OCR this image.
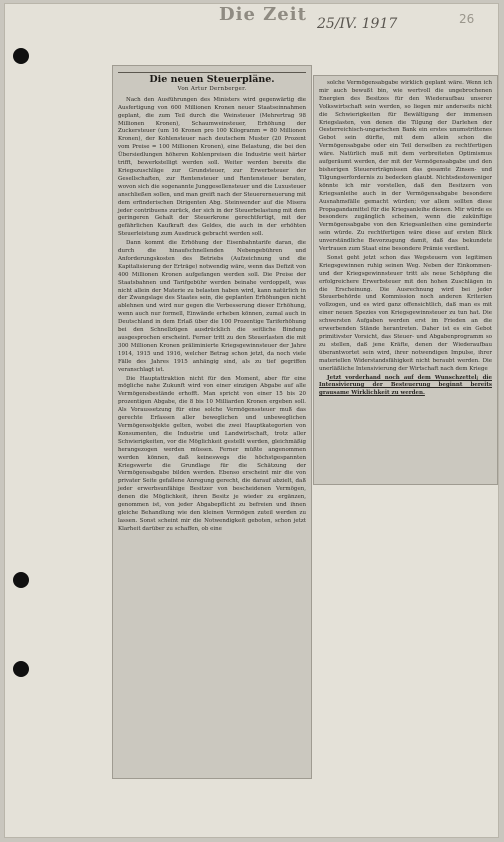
Die Zeit 25/IV. 1917	26
Die neuen Steuerpläne.
Von Artur Dernberger.

Nach den Ausführungen des Ministers wird gegenwärtig die Ausfertigung von 600 Millionen Kronen neuer Staatseinnahmen geplant, die zum Teil durch die Weinsteuer (Mehrertrag 98 Millionen Kronen), Schaumweinsteuer, Erhöhung der Zuckersteuer (um 16 Kronen pro 100 Kilogramm = 80 Millionen Kronen), der Kohlensteuer nach deutschem Muster (20 Prozent vom Preise = 100 Millionen Kronen), eine Belastung, die bei den Übersiedlungen höheren Kohlenpreisen die Industrie weit härter trifft, bewerkstelligt werden soll. Weiter werden bereits die Kriegszuschläge zur Grundsteuer, zur Erwerbsteuer der Gesellschaften, zur Rentensteuer und Rentensteuer beraten, wovon sich die sogenannte Junggesellensteuer und die Luxusteuer anschließen sollen, und man greift nach der Steuererneuerung mit dem erfinderischen Dirigenten Abg. Steinwender auf die Misera jeder contribuens zurück, der sich in der Steuerbelastung mit dem geringeren Gehalt der Steuerkrone gerechtfertigt, mit der gefährlichen Kaufkraft des Geldes, die auch in der erhöhten Steuerleistung zum Ausdruck gebracht werden soll.

Dann kommt die Erhöhung der Eisenbahntarife daran, die durch die hinaufschnellenden Nebengebühren und Anforderungskosten des Betriebs (Aufzeichnung und die Kapitalisierung der Erträge) notwendig wäre, wenn das Defizit von 400 Millionen Kronen aufgefangen werden soll. Die Preise der Staatsbahnen und Tarifgebühr werden beinahe verdoppelt, was nicht allein der Materie zu belasten haben wird, kann natürlich in der Zwangslage des Staates sein, die geplanten Erhöhungen nicht ablehnen und wird nur gegen die Verbesserung dieser Erhöhung, wenn auch nur formell, Einwände erheben können, zumal auch in Deutschland in dem Erlaß über die 100 Prozentige Tariferhöhung bei den Schnellzügen ausdrücklich die seitliche Bindung ausgesprochen erscheint. Ferner tritt zu den Steuerlasten die mit 300 Millionen Kronen präliminierte Kriegsgewinnsteuer der Jahre 1914, 1915 und 1916, welcher Betrag schon jetzt, da noch viele Fälle des Jahres 1915 anhängig sind, als zu tief gegriffen veranschlagt ist.

Die Hauptattraktion nicht für den Moment, aber für eine mögliche nahe Zukunft wird von einer einzigen Abgabe auf alle Vermögensbestände erhofft. Man spricht von einer 15 bis 20 prozentigen Abgabe, die 8 bis 10 Milliarden Kronen ergeben soll. Als Voraussetzung für eine solche Vermögenssteuer muß das gerechte Erfassen aller beweglichen und unbeweglichen Vermögensobjekte gelten, wobei die zwei Hauptkategorien von Konsumenten, die Industrie und Landwirtschaft, trotz aller Schwierigkeiten, vor die Möglichkeit gestellt werden, gleichmäßig herangezogen werden müssen. Ferner müßte angenommen werden können, daß keineswegs die höchstgespannten Kriegswerte die Grundlage für die Schätzung der Vermögensabgabe bilden werden. Ebenso erscheint mir die von privater Seite gefallene Anregung gerecht, die darauf abzielt, daß jeder erwerbsunfähige Besitzer von bescheidenen Vermögen, denen die Möglichkeit, ihren Besitz je wieder zu ergänzen, genommen ist, von jeder Abgabepflicht zu befreien und ihnen gleiche Behandlung wie den kleinen Vermögen zuteil werden zu lassen. Sonst scheint mir die Notwendigkeit geboten, schon jetzt Klarheit darüber zu schaffen, ob eine

solche Vermögensabgabe wirklich geplant wäre. Wenn ich mir auch bewußt bin, wie wertvoll die ungebrochenen Energien des Besitzes für den Wiederaufbau unserer Volkswirtschaft sein werden, so liegen mir anderseits nicht die Schwierigkeiten für Bewältigung der immensen Kriegslasten, von denen die Tilgung der Darlehen der Oesterreichisch-ungarischen Bank ein erstes unumstrittenes Gebot sein dürfte, mit dem allein schon die Vermögensabgabe oder ein Teil derselben zu rechtfertigen wäre. Natürlich muß mit dem verbreiteten Optimismus aufgeräumt werden, der mit der Vermögensabgabe und den bisherigen Steuererträgnissen das gesamte Zinsen- und Tilgungserfordernis zu bedecken glaubt. Nichtsdestoweniger könnte ich mir vorstellen, daß den Besitzern von Kriegsanleihe auch in der Vermögensabgabe besondere Ausnahmsfälle gemacht würden; vor allem sollten diese Propagandamittel für die Kriegsanleihe dienen. Mir würde es besonders zugänglich scheinen, wenn die zukünftige Vermögensabgabe von den Kriegsanleihen eine geminderte sein würde. Zu rechtfertigen wäre diese auf ersten Blick unverständliche Bevorzugung damit, daß das bekundete Vertrauen zum Staat eine besondere Prämie verdient.

Sonst geht jetzt schon das Wegsteuern von legitimen Kriegsgewinnen ruhig seinen Weg. Neben der Einkommen- und der Kriegsgewinnsteuer tritt als neue Schöpfung die erfolgreichere Erwerbsteuer mit den hohen Zuschlägen in die Erscheinung. Die Ausrechnung wird bei jeder Steuerbehörde und Kommission noch anderen Kriterien vollzogen, und es wird ganz offensichtlich, daß man es mit einer neuen Spezies von Kriegsgewinnsteuer zu tun hat. Die schwersten Aufgaben werden erst im Frieden an die erwerbenden Stände herantreten. Daher ist es ein Gebot primitivster Vorsicht, das Steuer- und Abgabenprogramm so zu stellen, daß jene Kräfte, denen der Wiederaufbau überantwortet sein wird, ihrer notwendigen Impulse, ihrer materiellen Widerstandsfähigkeit nicht beraubt werden. Die unerläßliche Intensivierung der Wirtschaft nach dem Kriege

Jetzt vorderhand noch auf dem Wunschzettel; die Intensivierung der Besteuerung beginnt bereits grausame Wirklichkeit zu werden.
